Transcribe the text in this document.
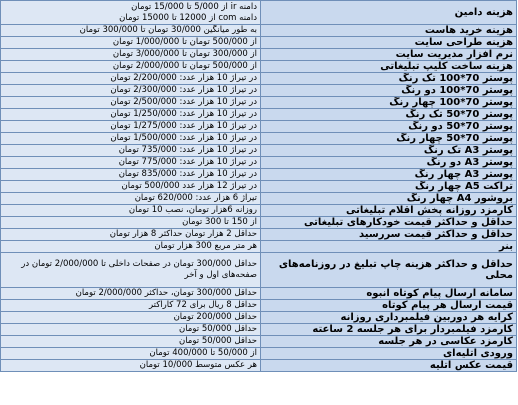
هزینه دامین	دامنه ir از 5/000 تا 15/000 تومان
دامنه com از 12000 تا 15000 تومان
هزینه خرید هاست	به طور میانگین 30/000 تومان تا 300/000 تومان
هزینه طراحی سایت	از 500/000 تومان تا 1/000/000 تومان
نرم افزار مدیریت سایت	از 300/000 تومان تا 3/000/000 تومان
هزینه ساخت کلیپ تبلیغاتی	از 500/000 تومان تا 2/000/000 تومان
پوستر 70*100 تک رنگ	در تیراژ 10 هزار عدد: 2/200/000 تومان
پوستر 70*100 دو رنگ	در تیراژ 10 هزار عدد: 2/300/000 تومان
پوستر 70*100 چهار رنگ	در تیراژ 10 هزار عدد: 2/500/000 تومان
پوستر 70*50 تک رنگ	در تیراژ 10 هزار عدد: 1/250/000 تومان
پوستر 70*50 دو رنگ	در تیراژ 10 هزار عدد: 1/275/000 تومان
پوستر 70*50 چهار رنگ	در تیراژ 10 هزار عدد: 1/500/000 تومان
پوستر A3 تک رنگ	در تیراژ 10 هزار عدد: 735/000 تومان
پوستر A3 دو رنگ	در تیراژ 10 هزار عدد: 775/000 تومان
پوستر A3 چهار رنگ	در تیراژ 10 هزار عدد: 835/000 تومان
تراکت A5 چهار رنگ	در تیراژ 12 هزار عدد 500/000 تومان
بروشور A4 چهار رنگ	تیراژ 6 هزار عدد: 620/000 تومان
کارمزد روزانه پخش اقلام تبلیغاتی	روزانه 6هزار تومان، نصب 10 تومان
حداقل و حداکثر قیمت خودکارهای تبلیغاتی	از 150 تا 300 تومان
حداقل و حداکثر قیمت سررسید	حداقل 2 هزار تومان حداکثر 8 هزار تومان
بنر	هر متر مربع 300 هزار تومان
حداقل و حداکثر هزینه چاپ تبلیغ در روزنامه‌های محلی	حداقل 300/000 تومان در صفحات داخلی تا 2/000/000 تومان در صفحه‌های اول و آخر
سامانه ارسال پیام کوتاه انبوه	حداقل 300/000 تومان، حداکثر 2/000/000 تومان
قیمت ارسال هر پیام کوتاه	حداقل 8 ریال برای 72 کاراکتر
کرایه هر دوربین فیلمبرداری روزانه	حداقل 200/000 تومان
کارمزد فیلمبردار برای هر جلسه 2 ساعته	حداقل 50/000 تومان
کارمزد عکاسی در هر جلسه	حداقل 50/000 تومان
ورودی آتلیه‌ای	از 50/000 تا 400/000 تومان
قیمت عکس آتلیه	هر عکس متوسط 10/000 تومان
